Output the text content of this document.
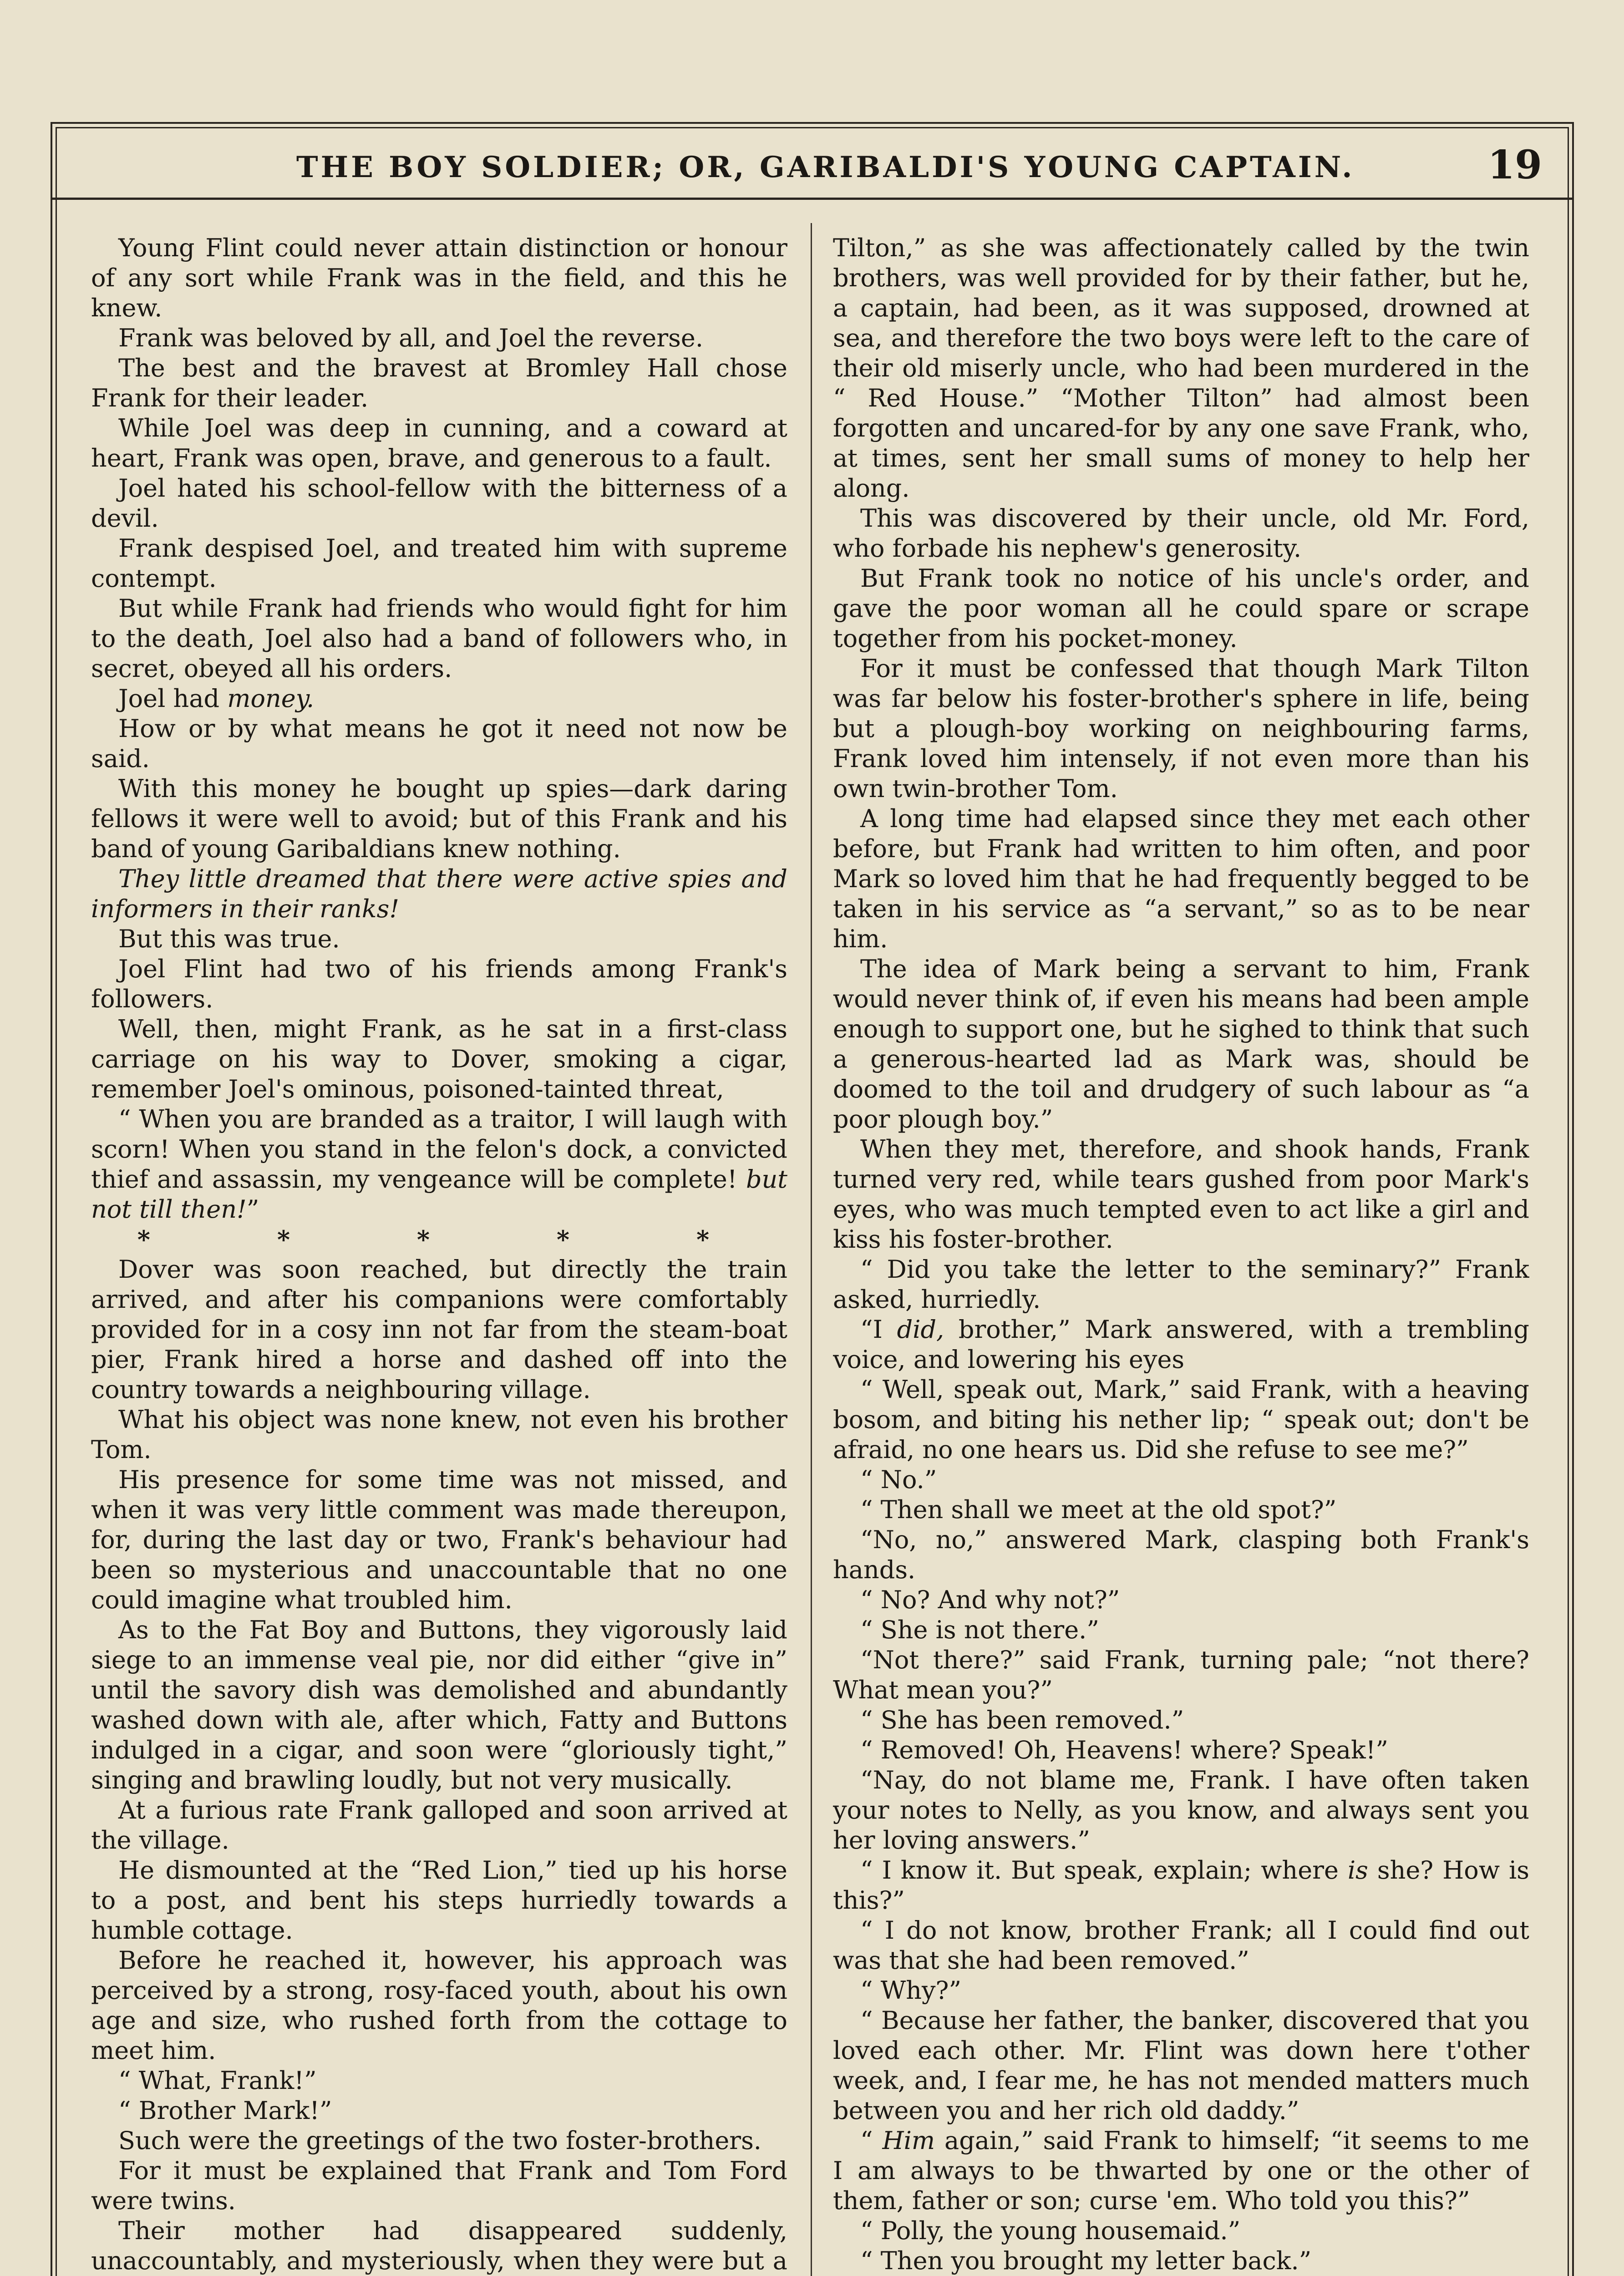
THE BOY SOLDIER; OR, GARIBALDI'S YOUNG CAPTAIN.	19

Young Flint could never attain distinction or honour of any sort while Frank was in the field, and this he knew.

Frank was beloved by all, and Joel the reverse.

The best and the bravest at Bromley Hall chose Frank for their leader.

While Joel was deep in cunning, and a coward at heart, Frank was open, brave, and generous to a fault.

Joel hated his school-fellow with the bitterness of a devil.

Frank despised Joel, and treated him with supreme contempt.

But while Frank had friends who would fight for him to the death, Joel also had a band of followers who, in secret, obeyed all his orders.

Joel had money.

How or by what means he got it need not now be said.

With this money he bought up spies—dark daring fellows it were well to avoid; but of this Frank and his band of young Garibaldians knew nothing.

They little dreamed that there were active spies and informers in their ranks!

But this was true.

Joel Flint had two of his friends among Frank's followers.

Well, then, might Frank, as he sat in a first-class carriage on his way to Dover, smoking a cigar, remember Joel's ominous, poisoned-tainted threat,

“ When you are branded as a traitor, I will laugh with scorn! When you stand in the felon's dock, a convicted thief and assassin, my vengeance will be complete! but not till then!”

* * * * *

Dover was soon reached, but directly the train arrived, and after his companions were comfortably provided for in a cosy inn not far from the steam-boat pier, Frank hired a horse and dashed off into the country towards a neighbouring village.

What his object was none knew, not even his brother Tom.

His presence for some time was not missed, and when it was very little comment was made thereupon, for, during the last day or two, Frank's behaviour had been so mysterious and unaccountable that no one could imagine what troubled him.

As to the Fat Boy and Buttons, they vigorously laid siege to an immense veal pie, nor did either “give in” until the savory dish was demolished and abundantly washed down with ale, after which, Fatty and Buttons indulged in a cigar, and soon were “gloriously tight,” singing and brawling loudly, but not very musically.

At a furious rate Frank galloped and soon arrived at the village.

He dismounted at the “Red Lion,” tied up his horse to a post, and bent his steps hurriedly towards a humble cottage.

Before he reached it, however, his approach was perceived by a strong, rosy-faced youth, about his own age and size, who rushed forth from the cottage to meet him.

“ What, Frank!”

“ Brother Mark!”

Such were the greetings of the two foster-brothers.

For it must be explained that Frank and Tom Ford were twins.

Their mother had disappeared suddenly, unaccountably, and mysteriously, when they were but a

Tilton,” as she was affectionately called by the twin brothers, was well provided for by their father, but he, a captain, had been, as it was supposed, drowned at sea, and therefore the two boys were left to the care of their old miserly uncle, who had been murdered in the “ Red House.” “Mother Tilton” had almost been forgotten and uncared-for by any one save Frank, who, at times, sent her small sums of money to help her along.

This was discovered by their uncle, old Mr. Ford, who forbade his nephew's generosity.

But Frank took no notice of his uncle's order, and gave the poor woman all he could spare or scrape together from his pocket-money.

For it must be confessed that though Mark Tilton was far below his foster-brother's sphere in life, being but a plough-boy working on neighbouring farms, Frank loved him intensely, if not even more than his own twin-brother Tom.

A long time had elapsed since they met each other before, but Frank had written to him often, and poor Mark so loved him that he had frequently begged to be taken in his service as “a servant,” so as to be near him.

The idea of Mark being a servant to him, Frank would never think of, if even his means had been ample enough to support one, but he sighed to think that such a generous-hearted lad as Mark was, should be doomed to the toil and drudgery of such labour as “a poor plough boy.”

When they met, therefore, and shook hands, Frank turned very red, while tears gushed from poor Mark's eyes, who was much tempted even to act like a girl and kiss his foster-brother.

“ Did you take the letter to the seminary?” Frank asked, hurriedly.

“I did, brother,” Mark answered, with a trembling voice, and lowering his eyes

“ Well, speak out, Mark,” said Frank, with a heaving bosom, and biting his nether lip; “ speak out; don't be afraid, no one hears us. Did she refuse to see me?”

“ No.”

“ Then shall we meet at the old spot?”

“No, no,” answered Mark, clasping both Frank's hands.

“ No? And why not?”

“ She is not there.”

“Not there?” said Frank, turning pale; “not there? What mean you?”

“ She has been removed.”

“ Removed! Oh, Heavens! where? Speak!”

“Nay, do not blame me, Frank. I have often taken your notes to Nelly, as you know, and always sent you her loving answers.”

“ I know it. But speak, explain; where is she? How is this?”

“ I do not know, brother Frank; all I could find out was that she had been removed.”

“ Why?”

“ Because her father, the banker, discovered that you loved each other. Mr. Flint was down here t'other week, and, I fear me, he has not mended matters much between you and her rich old daddy.”

“ Him again,” said Frank to himself; “it seems to me I am always to be thwarted by one or the other of them, father or son; curse 'em. Who told you this?”

“ Polly, the young housemaid.”

“ Then you brought my letter back.”
